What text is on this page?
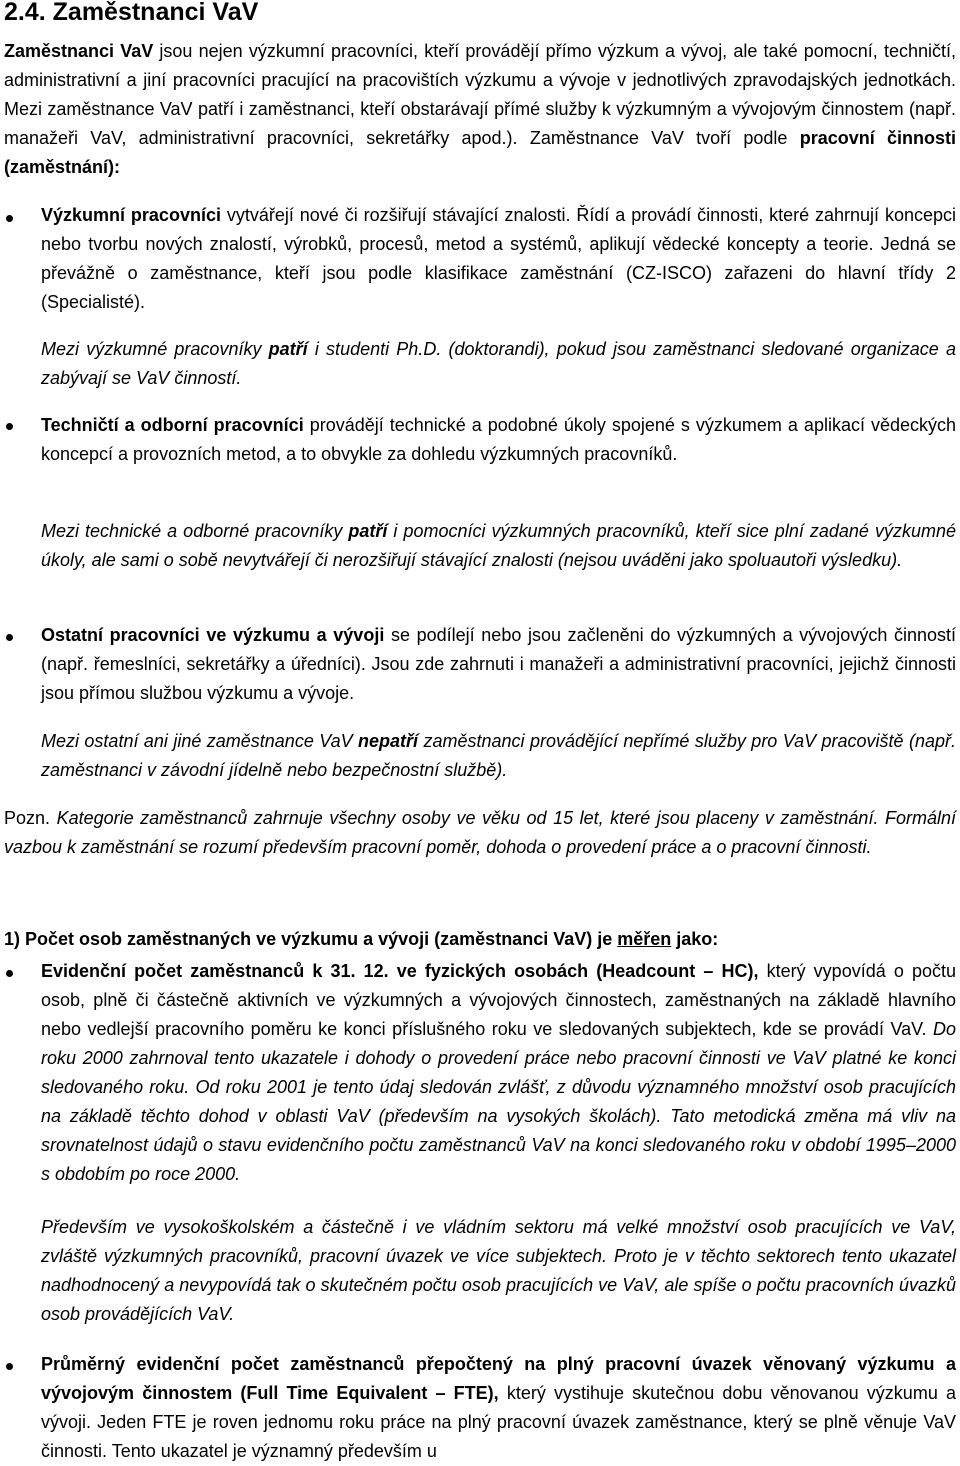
2.4. Zaměstnanci VaV

Zaměstnanci VaV jsou nejen výzkumní pracovníci, kteří provádějí přímo výzkum a vývoj, ale také pomocní, techničtí, administrativní a jiní pracovníci pracující na pracovištích výzkumu a vývoje v jednotlivých zpravodajských jednotkách. Mezi zaměstnance VaV patří i zaměstnanci, kteří obstarávají přímé služby k výzkumným a vývojovým činnostem (např. manažeři VaV, administrativní pracovníci, sekretářky apod.). Zaměstnance VaV tvoří podle pracovní činnosti (zaměstnání):

Výzkumní pracovníci vytvářejí nové či rozšiřují stávající znalosti. Řídí a provádí činnosti, které zahrnují koncepci nebo tvorbu nových znalostí, výrobků, procesů, metod a systémů, aplikují vědecké koncepty a teorie. Jedná se převážně o zaměstnance, kteří jsou podle klasifikace zaměstnání (CZ-ISCO) zařazeni do hlavní třídy 2 (Specialisté).

Mezi výzkumné pracovníky patří i studenti Ph.D. (doktorandi), pokud jsou zaměstnanci sledované organizace a zabývají se VaV činností.

Techničtí a odborní pracovníci provádějí technické a podobné úkoly spojené s výzkumem a aplikací vědeckých koncepcí a provozních metod, a to obvykle za dohledu výzkumných pracovníků.

Mezi technické a odborné pracovníky patří i pomocníci výzkumných pracovníků, kteří sice plní zadané výzkumné úkoly, ale sami o sobě nevytvářejí či nerozšiřují stávající znalosti (nejsou uváděni jako spoluautoři výsledku).

Ostatní pracovníci ve výzkumu a vývoji se podílejí nebo jsou začleněni do výzkumných a vývojových činností (např. řemeslníci, sekretářky a úředníci). Jsou zde zahrnuti i manažeři a administrativní pracovníci, jejichž činnosti jsou přímou službou výzkumu a vývoje.

Mezi ostatní ani jiné zaměstnance VaV nepatří zaměstnanci provádějící nepřímé služby pro VaV pracoviště (např. zaměstnanci v závodní jídelně nebo bezpečnostní službě).

Pozn. Kategorie zaměstnanců zahrnuje všechny osoby ve věku od 15 let, které jsou placeny v zaměstnání. Formální vazbou k zaměstnání se rozumí především pracovní poměr, dohoda o provedení práce a o pracovní činnosti.

1) Počet osob zaměstnaných ve výzkumu a vývoji (zaměstnanci VaV) je měřen jako:

Evidenční počet zaměstnanců k 31. 12. ve fyzických osobách (Headcount – HC), který vypovídá o počtu osob, plně či částečně aktivních ve výzkumných a vývojových činnostech, zaměstnaných na základě hlavního nebo vedlejší pracovního poměru ke konci příslušného roku ve sledovaných subjektech, kde se provádí VaV. Do roku 2000 zahrnoval tento ukazatele i dohody o provedení práce nebo pracovní činnosti ve VaV platné ke konci sledovaného roku. Od roku 2001 je tento údaj sledován zvlášť, z důvodu významného množství osob pracujících na základě těchto dohod v oblasti VaV (především na vysokých školách). Tato metodická změna má vliv na srovnatelnost údajů o stavu evidenčního počtu zaměstnanců VaV na konci sledovaného roku v období 1995–2000 s obdobím po roce 2000.

Především ve vysokoškolském a částečně i ve vládním sektoru má velké množství osob pracujících ve VaV, zvláště výzkumných pracovníků, pracovní úvazek ve více subjektech. Proto je v těchto sektorech tento ukazatel nadhodnocený a nevypovídá tak o skutečném počtu osob pracujících ve VaV, ale spíše o počtu pracovních úvazků osob provádějících VaV.

Průměrný evidenční počet zaměstnanců přepočtený na plný pracovní úvazek věnovaný výzkumu a vývojovým činnostem (Full Time Equivalent – FTE), který vystihuje skutečnou dobu věnovanou výzkumu a vývoji. Jeden FTE je roven jednomu roku práce na plný pracovní úvazek zaměstnance, který se plně věnuje VaV činnosti. Tento ukazatel je významný především u
